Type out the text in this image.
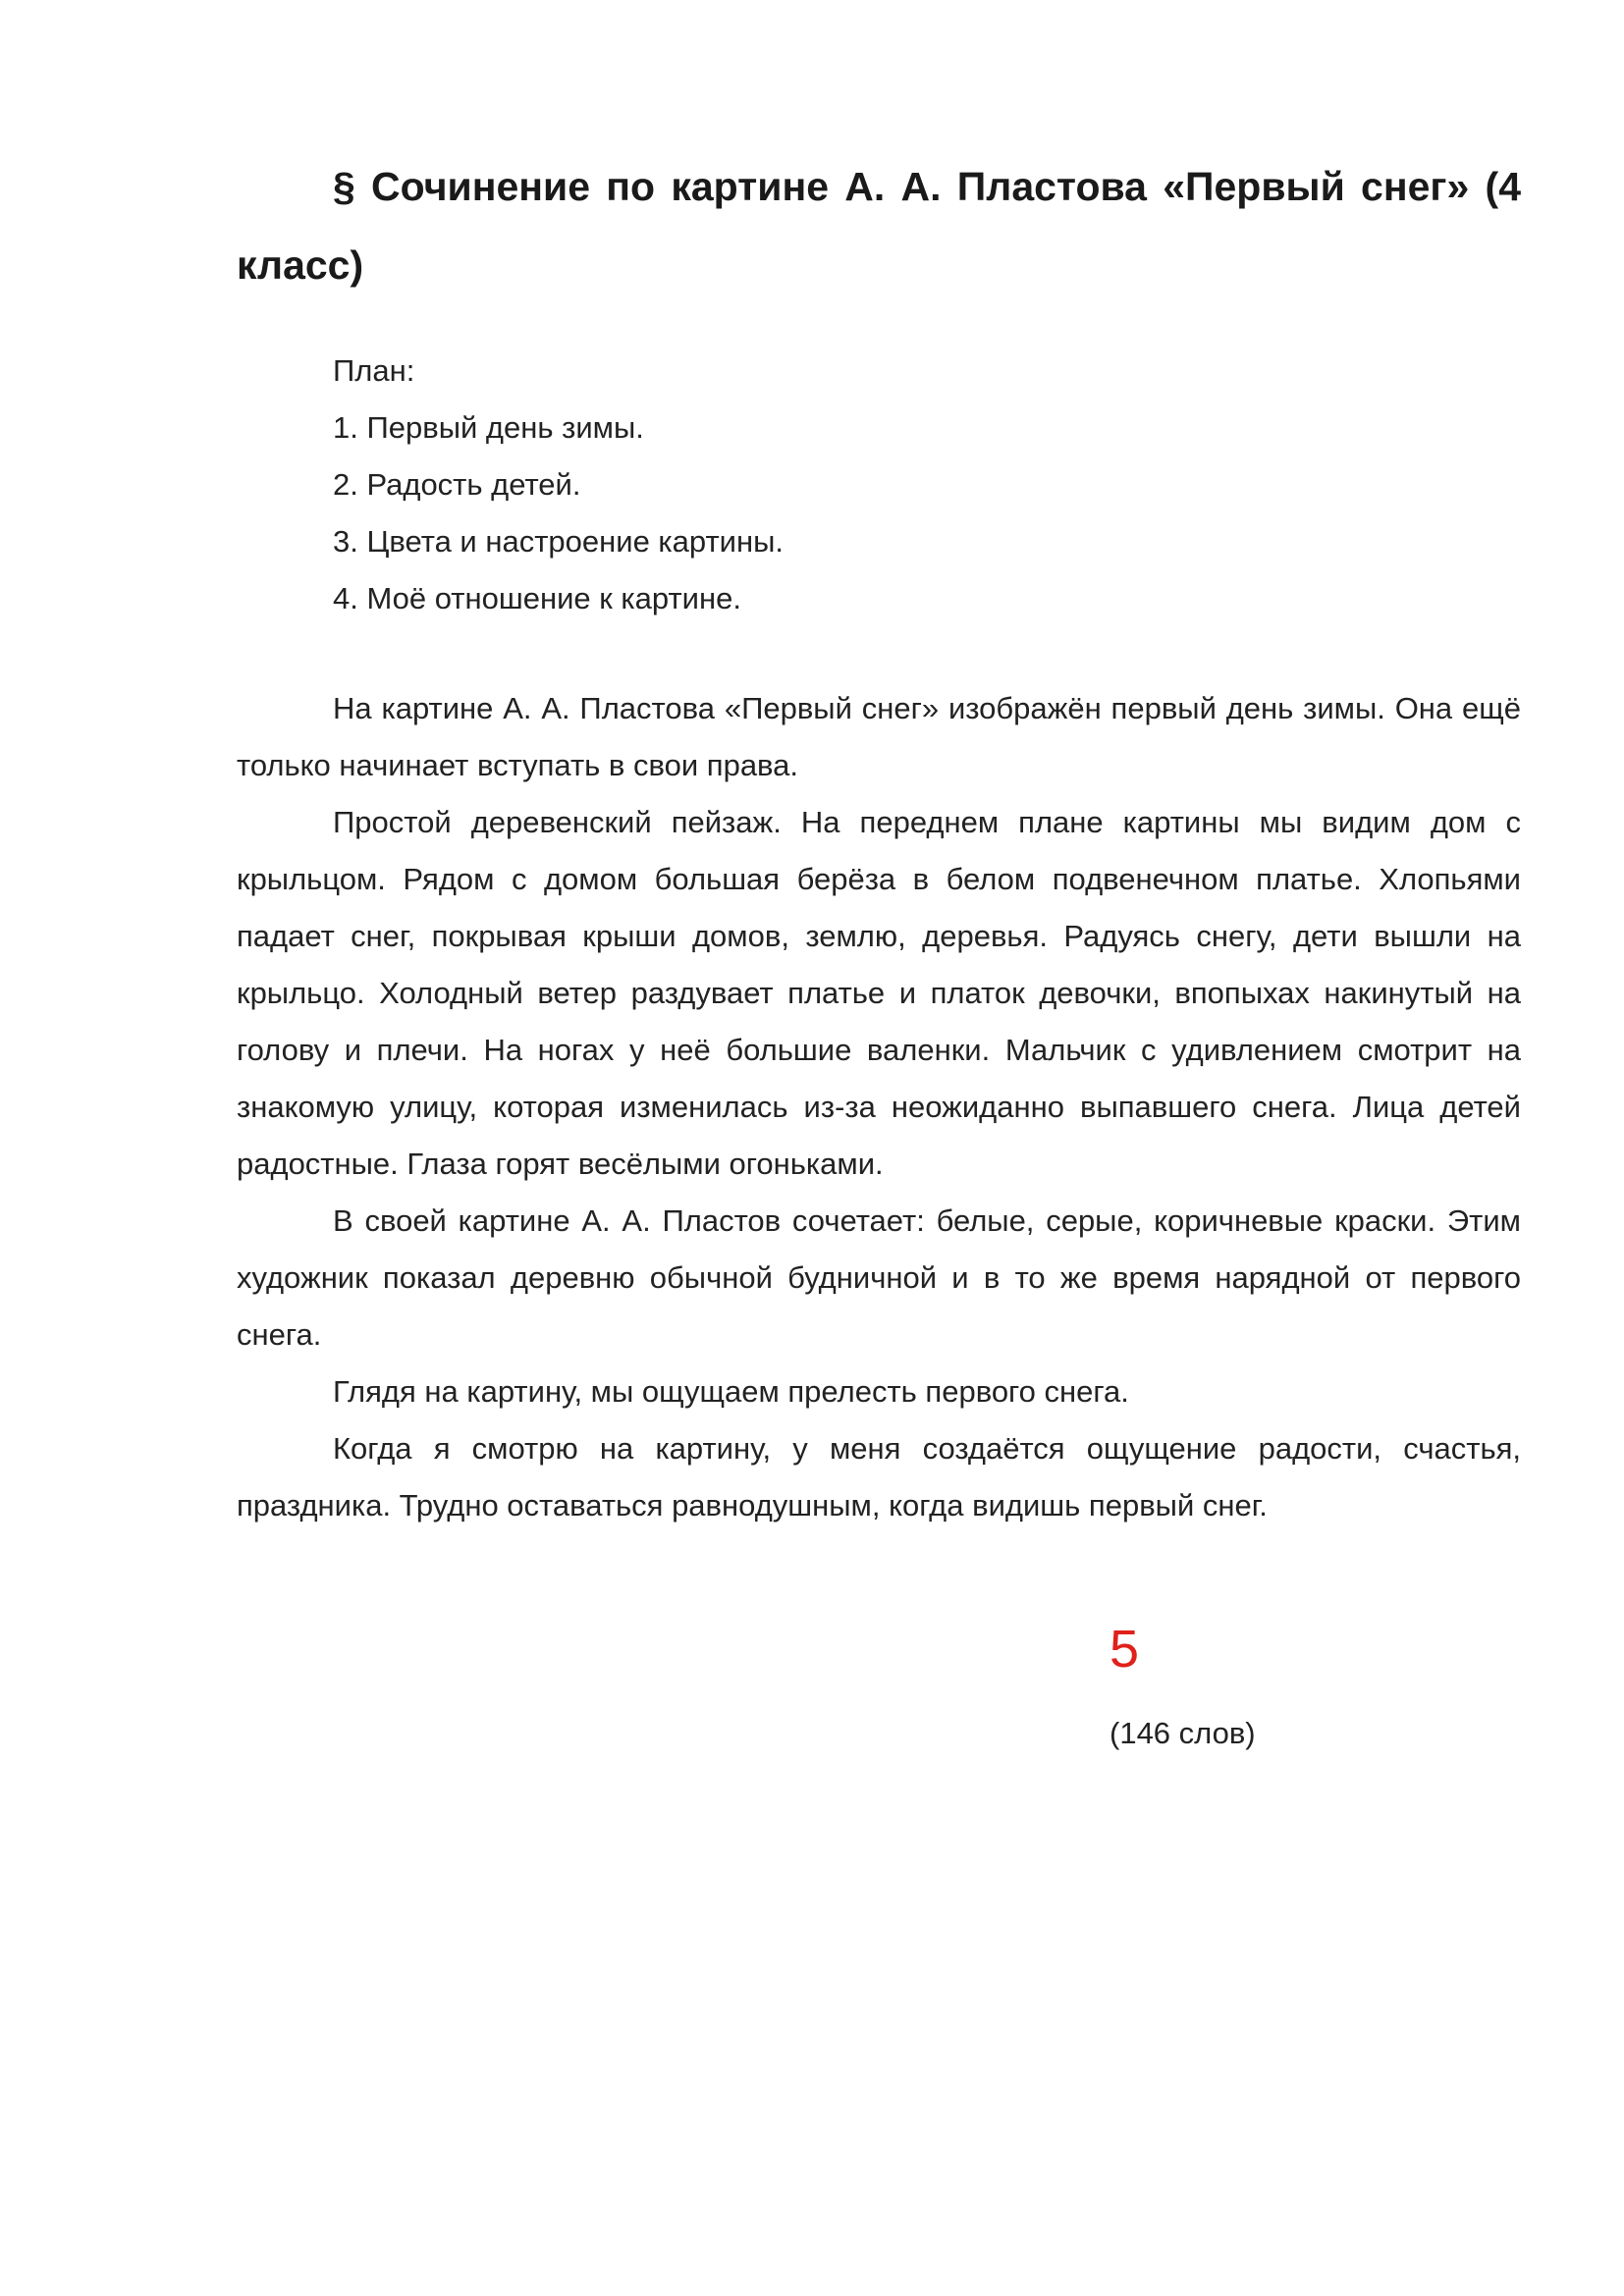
§ Сочинение по картине А. А. Пластова «Первый снег» (4 класс)

План:

1. Первый день зимы.

2. Радость детей.

3. Цвета и настроение картины.

4. Моё отношение к картине.

На картине А. А. Пластова «Первый снег» изображён первый день зимы. Она ещё только начинает вступать в свои права.

Простой деревенский пейзаж. На переднем плане картины мы видим дом с крыльцом. Рядом с домом большая берёза в белом подвенечном платье. Хлопьями падает снег, покрывая крыши домов, землю, деревья. Радуясь снегу, дети вышли на крыльцо. Холодный ветер раздувает платье и платок девочки, впопыхах накинутый на голову и плечи. На ногах у неё большие валенки. Мальчик с удивлением смотрит на знакомую улицу, которая изменилась из-за неожиданно выпавшего снега. Лица детей радостные. Глаза горят весёлыми огоньками.

В своей картине А. А. Пластов сочетает: белые, серые, коричневые краски. Этим художник показал деревню обычной будничной и в то же время нарядной от первого снега.

Глядя на картину, мы ощущаем прелесть первого снега.

Когда я смотрю на картину, у меня создаётся ощущение радости, счастья, праздника. Трудно оставаться равнодушным, когда видишь первый снег.

5
(146 слов)
